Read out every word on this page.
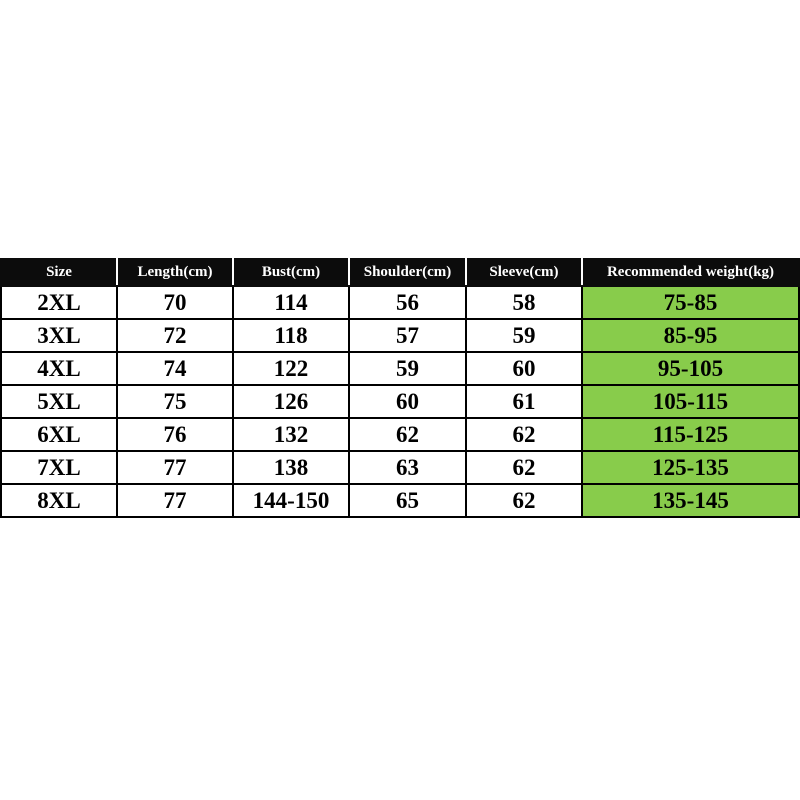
Size	Length(cm)	Bust(cm)	Shoulder(cm)	Sleeve(cm)	Recommended weight(kg)
2XL	70	114	56	58	75-85
3XL	72	118	57	59	85-95
4XL	74	122	59	60	95-105
5XL	75	126	60	61	105-115
6XL	76	132	62	62	115-125
7XL	77	138	63	62	125-135
8XL	77	144-150	65	62	135-145
